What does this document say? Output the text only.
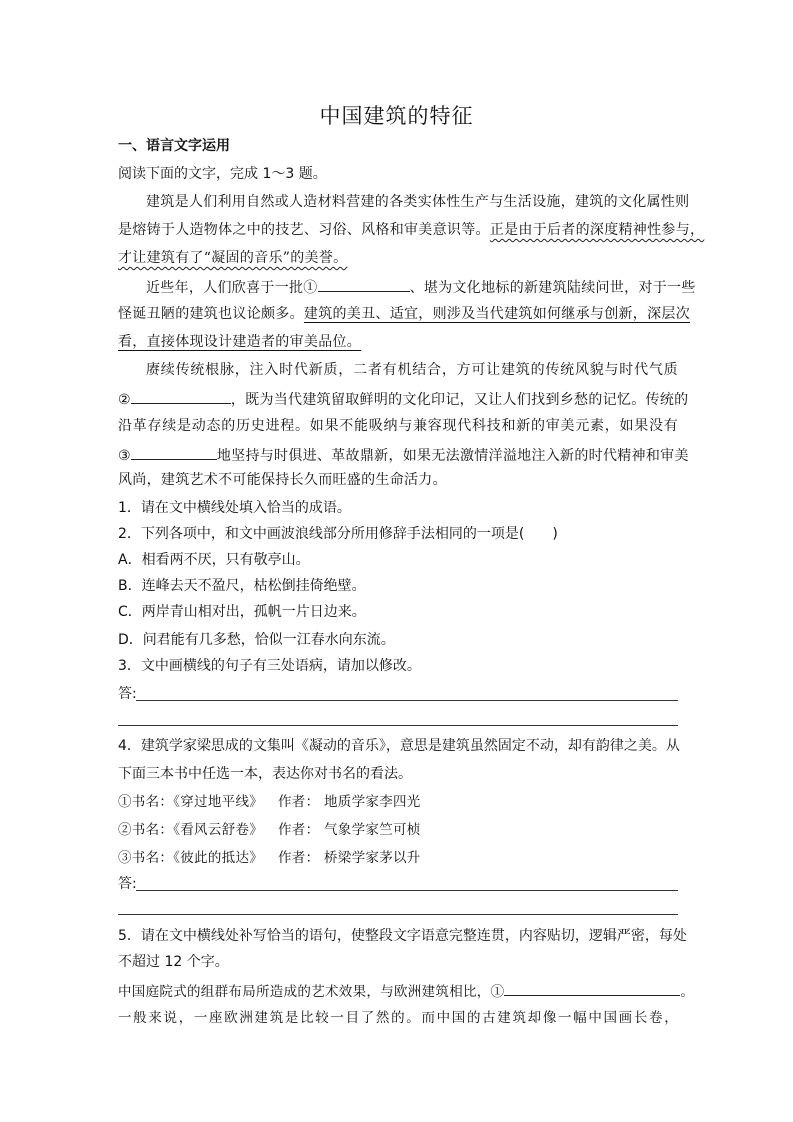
中国建筑的特征
一、语言文字运用
阅读下面的文字，完成 1～3 题。
建筑是人们利用自然或人造材料营建的各类实体性生产与生活设施，建筑的文化属性则
是熔铸于人造物体之中的技艺、习俗、风格和审美意识等。正是由于后者的深度精神性参与，
才让建筑有了“凝固的音乐”的美誉。
近些年，人们欣喜于一批①	、堪为文化地标的新建筑陆续问世，对于一些
怪诞丑陋的建筑也议论颇多。建筑的美丑、适宜，则涉及当代建筑如何继承与创新，深层次
看，直接体现设计建造者的审美品位。
赓续传统根脉，注入时代新质，二者有机结合，方可让建筑的传统风貌与时代气质
②	，既为当代建筑留取鲜明的文化印记，又让人们找到乡愁的记忆。传统的
沿革存续是动态的历史进程。如果不能吸纳与兼容现代科技和新的审美元素，如果没有
③	地坚持与时俱进、革故鼎新，如果无法激情洋溢地注入新的时代精神和审美
风尚，建筑艺术不可能保持长久而旺盛的生命活力。
1．请在文中横线处填入恰当的成语。
2．下列各项中，和文中画波浪线部分所用修辞手法相同的一项是(　　)
A．相看两不厌，只有敬亭山。
B．连峰去天不盈尺，枯松倒挂倚绝壁。
C．两岸青山相对出，孤帆一片日边来。
D．问君能有几多愁，恰似一江春水向东流。
3．文中画横线的句子有三处语病，请加以修改。
答:
4．建筑学家梁思成的文集叫《凝动的音乐》，意思是建筑虽然固定不动，却有韵律之美。从
下面三本书中任选一本，表达你对书名的看法。
①书名：《穿过地平线》 作者： 地质学家李四光
②书名：《看风云舒卷》 作者： 气象学家竺可桢
③书名：《彼此的抵达》 作者： 桥梁学家茅以升
答:
5．请在文中横线处补写恰当的语句，使整段文字语意完整连贯，内容贴切，逻辑严密，每处
不超过 12 个字。
中国庭院式的组群布局所造成的艺术效果，与欧洲建筑相比，①	。
一般来说，一座欧洲建筑是比较一目了然的。而中国的古建筑却像一幅中国画长卷，
